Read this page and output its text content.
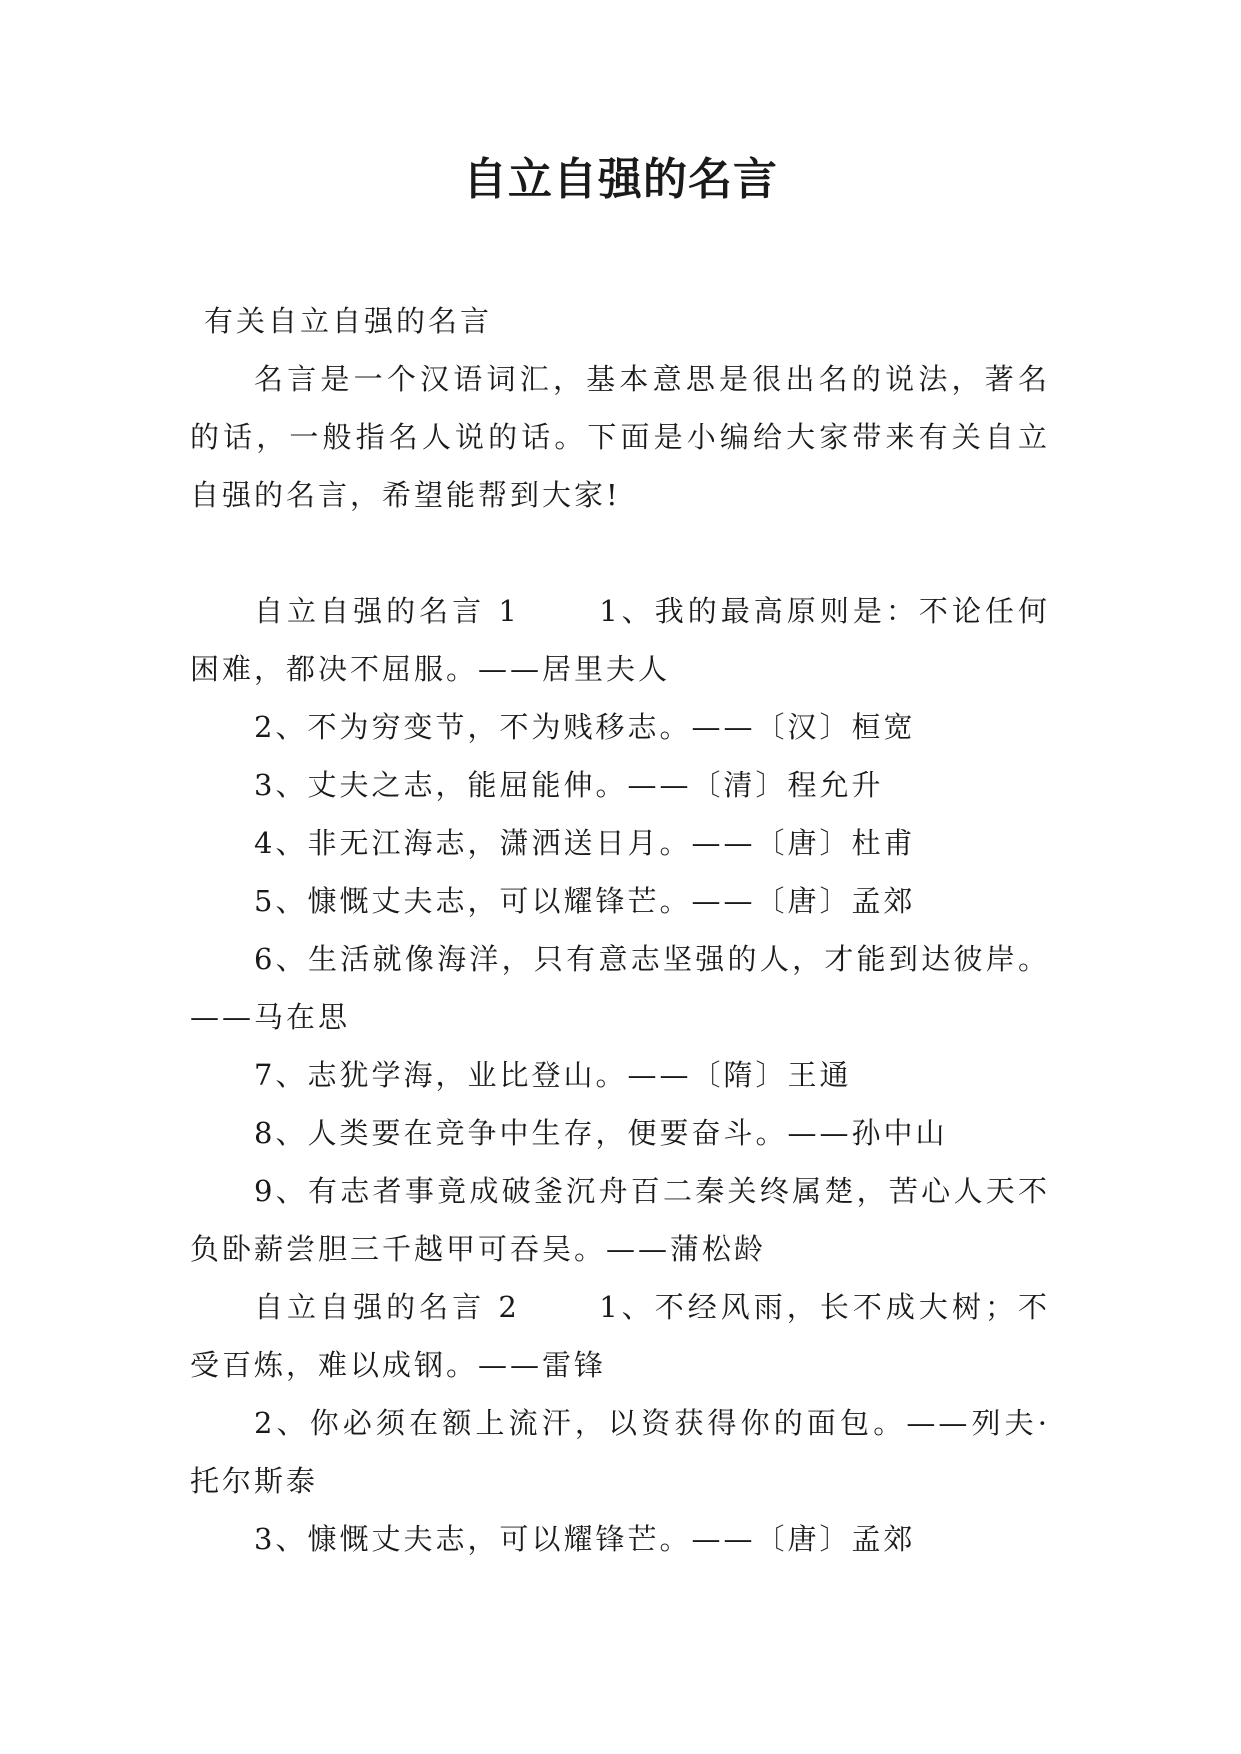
自立自强的名言

有关自立自强的名言

名言是一个汉语词汇，基本意思是很出名的说法，著名的话，一般指名人说的话。下面是小编给大家带来有关自立自强的名言，希望能帮到大家!

自立自强的名言 1 　　1、我的最高原则是：不论任何困难，都决不屈服。——居里夫人

2、不为穷变节，不为贱移志。——〔汉〕桓宽

3、丈夫之志，能屈能伸。——〔清〕程允升

4、非无江海志，潇洒送日月。——〔唐〕杜甫

5、慷慨丈夫志，可以耀锋芒。——〔唐〕孟郊

6、生活就像海洋，只有意志坚强的人，才能到达彼岸。——马在思

7、志犹学海，业比登山。——〔隋〕王通

8、人类要在竞争中生存，便要奋斗。——孙中山

9、有志者事竟成破釜沉舟百二秦关终属楚，苦心人天不负卧薪尝胆三千越甲可吞吴。——蒲松龄

自立自强的名言 2 　　1、不经风雨，长不成大树；不受百炼，难以成钢。——雷锋

2、你必须在额上流汗，以资获得你的面包。——列夫·托尔斯泰

3、慷慨丈夫志，可以耀锋芒。——〔唐〕孟郊
